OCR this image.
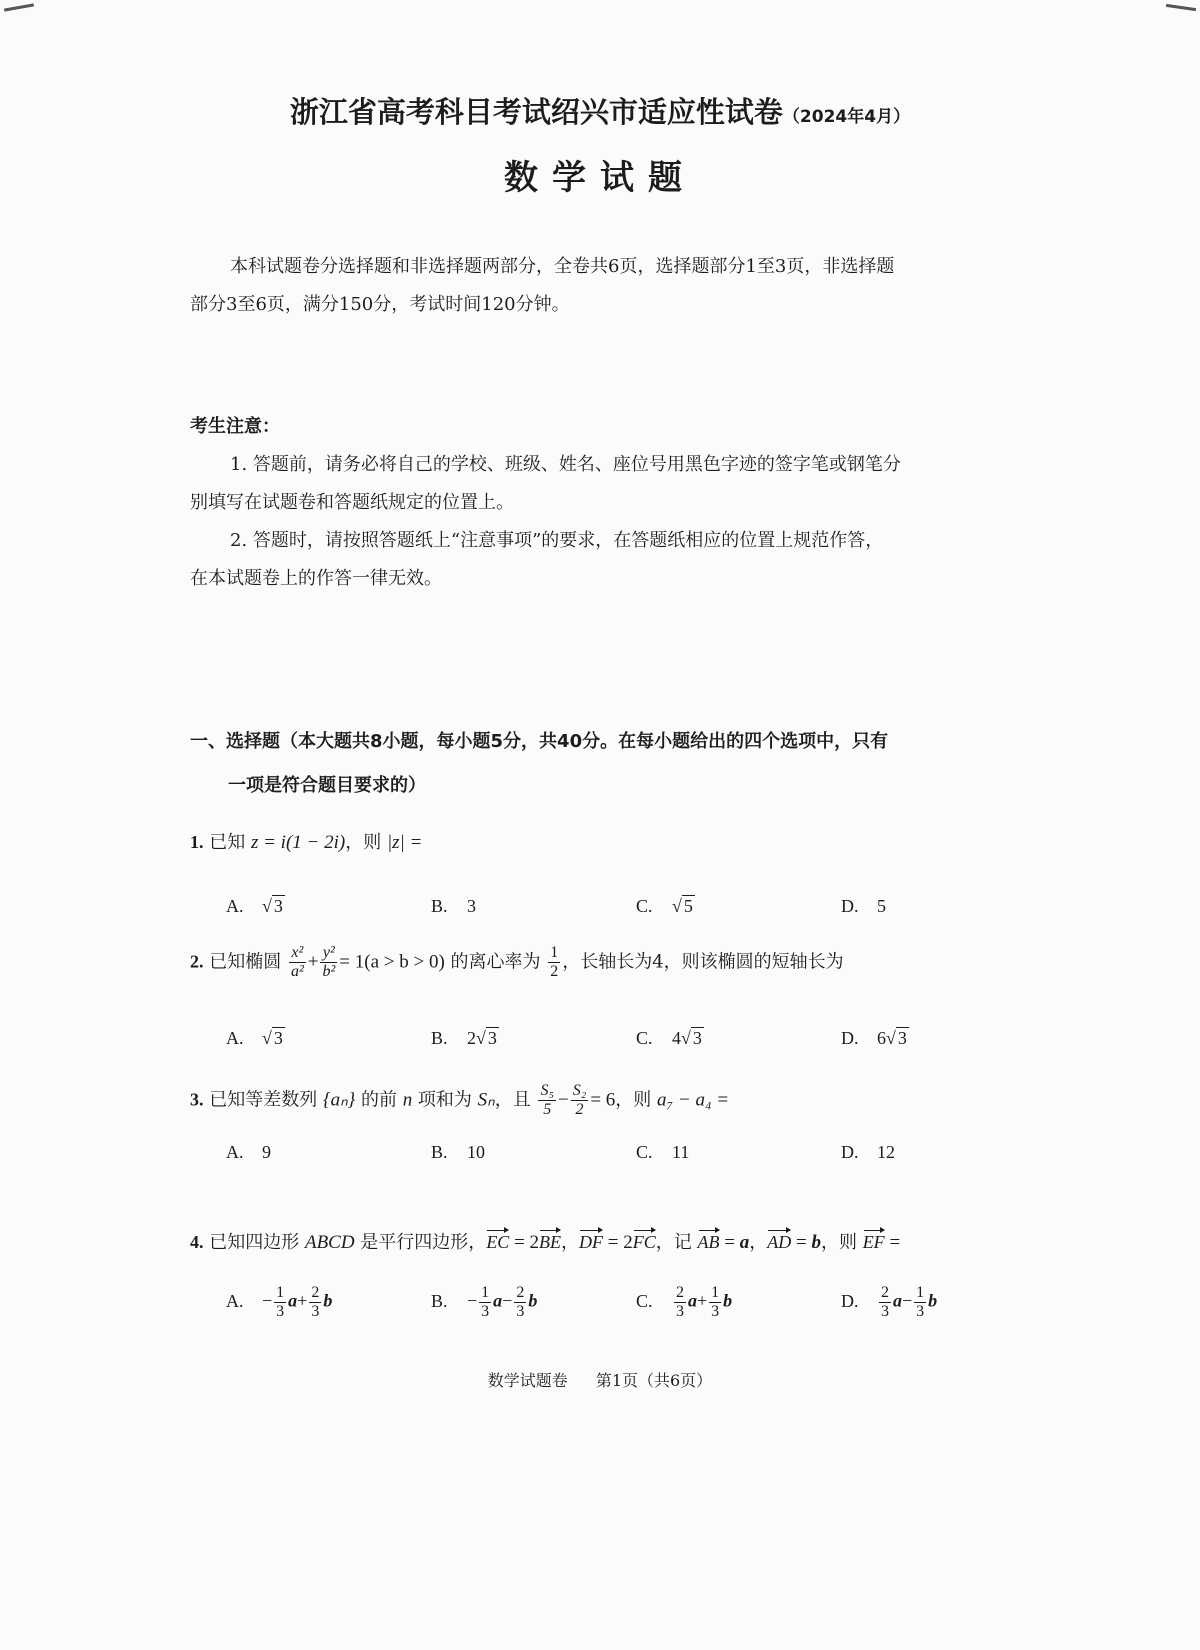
浙江省高考科目考试绍兴市适应性试卷（2024年4月）
数学试题
本科试题卷分选择题和非选择题两部分，全卷共6页，选择题部分1至3页，非选择题
部分3至6页，满分150分，考试时间120分钟。
考生注意：
1. 答题前，请务必将自己的学校、班级、姓名、座位号用黑色字迹的签字笔或钢笔分
别填写在试题卷和答题纸规定的位置上。
2. 答题时，请按照答题纸上“注意事项”的要求，在答题纸相应的位置上规范作答，
在本试题卷上的作答一律无效。
一、选择题（本大题共8小题，每小题5分，共40分。在每小题给出的四个选项中，只有
一项是符合题目要求的）
1. 已知 z = i(1 − 2i)，则 |z| =
A. √ 3	B. 3	C. √ 5	D. 5
2. 已知椭圆 $\frac{\text{x²}}{\text{a²}} + \frac{\text{y²}}{\text{b²}} = 1(a > b > 0)$ 的离心率为 $\frac{1}{2}$ ，长轴长为4，则该椭圆的短轴长为
A. √ 3	B. 2√ 3	C. 4√ 3	D. 6√ 3
3. 已知等差数列 {aₙ} 的前 n 项和为 Sₙ，且 $\frac{\text{S₅}}{5} - \frac{\text{S₂}}{2} = 6$，则 a₇ − a₄ =
A. 9	B. 10	C. 11	D. 12
4. 已知四边形 ABCD 是平行四边形，EC = 2BE，DF = 2FC，记 AB = a，AD = b，则 EF =
A. − $\frac{1}{3} a+ \frac{2}{3}$ b	B. − $\frac{1}{3} a- \frac{2}{3}$ b	C. $\frac{2}{3} a+ \frac{1}{3}$ b	D. $\frac{2}{3} a- \frac{1}{3}$ b
数学试题卷 第1页（共6页）
